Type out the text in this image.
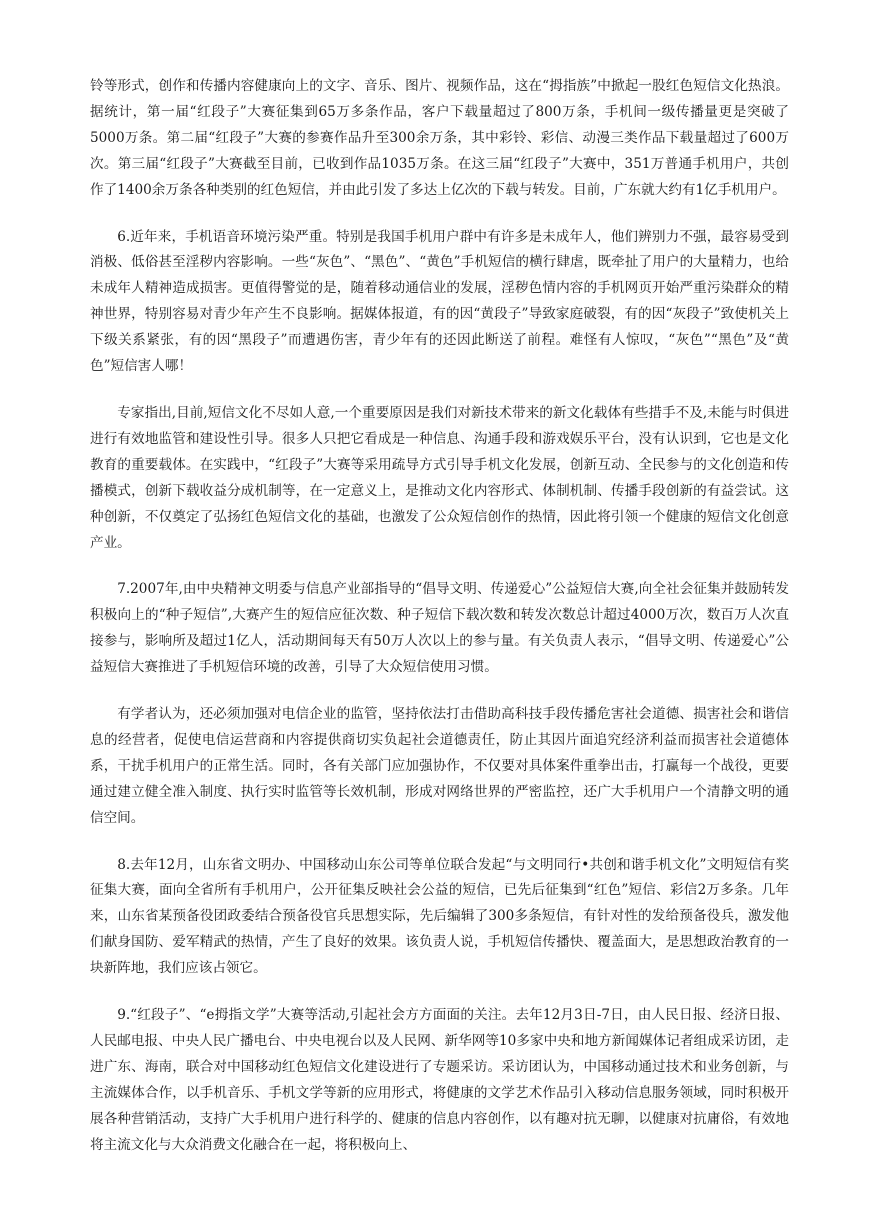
铃等形式，创作和传播内容健康向上的文字、音乐、图片、视频作品，这在“拇指族”中掀起一股红色短信文化热浪。据统计，第一届“红段子”大赛征集到65万多条作品，客户下载量超过了800万条，手机间一级传播量更是突破了5000万条。第二届“红段子”大赛的参赛作品升至300余万条，其中彩铃、彩信、动漫三类作品下载量超过了600万次。第三届“红段子”大赛截至目前，已收到作品1035万条。在这三届“红段子”大赛中，351万普通手机用户，共创作了1400余万条各种类别的红色短信，并由此引发了多达上亿次的下载与转发。目前，广东就大约有1亿手机用户。

6.近年来，手机语音环境污染严重。特别是我国手机用户群中有许多是未成年人，他们辨别力不强，最容易受到消极、低俗甚至淫秽内容影响。一些“灰色”、“黑色”、“黄色”手机短信的横行肆虐，既牵扯了用户的大量精力，也给未成年人精神造成损害。更值得警觉的是，随着移动通信业的发展，淫秽色情内容的手机网页开始严重污染群众的精神世界，特别容易对青少年产生不良影响。据媒体报道，有的因“黄段子”导致家庭破裂，有的因“灰段子”致使机关上下级关系紧张，有的因“黑段子”而遭遇伤害，青少年有的还因此断送了前程。难怪有人惊叹，“灰色”“黑色”及“黄色”短信害人哪！

专家指出,目前,短信文化不尽如人意,一个重要原因是我们对新技术带来的新文化载体有些措手不及,未能与时俱进进行有效地监管和建设性引导。很多人只把它看成是一种信息、沟通手段和游戏娱乐平台，没有认识到，它也是文化教育的重要载体。在实践中，“红段子”大赛等采用疏导方式引导手机文化发展，创新互动、全民参与的文化创造和传播模式，创新下载收益分成机制等，在一定意义上，是推动文化内容形式、体制机制、传播手段创新的有益尝试。这种创新，不仅奠定了弘扬红色短信文化的基础，也激发了公众短信创作的热情，因此将引领一个健康的短信文化创意产业。

7.2007年,由中央精神文明委与信息产业部指导的“倡导文明、传递爱心”公益短信大赛,向全社会征集并鼓励转发积极向上的“种子短信”,大赛产生的短信应征次数、种子短信下载次数和转发次数总计超过4000万次，数百万人次直接参与，影响所及超过1亿人，活动期间每天有50万人次以上的参与量。有关负责人表示，“倡导文明、传递爱心”公益短信大赛推进了手机短信环境的改善，引导了大众短信使用习惯。

有学者认为，还必须加强对电信企业的监管，坚持依法打击借助高科技手段传播危害社会道德、损害社会和谐信息的经营者，促使电信运营商和内容提供商切实负起社会道德责任，防止其因片面追究经济利益而损害社会道德体系，干扰手机用户的正常生活。同时，各有关部门应加强协作，不仅要对具体案件重拳出击，打赢每一个战役，更要通过建立健全准入制度、执行实时监管等长效机制，形成对网络世界的严密监控，还广大手机用户一个清静文明的通信空间。

8.去年12月，山东省文明办、中国移动山东公司等单位联合发起“与文明同行•共创和谐手机文化”文明短信有奖征集大赛，面向全省所有手机用户，公开征集反映社会公益的短信，已先后征集到“红色”短信、彩信2万多条。几年来，山东省某预备役团政委结合预备役官兵思想实际，先后编辑了300多条短信，有针对性的发给预备役兵，激发他们献身国防、爱军精武的热情，产生了良好的效果。该负责人说，手机短信传播快、覆盖面大，是思想政治教育的一块新阵地，我们应该占领它。

9.“红段子”、“e拇指文学”大赛等活动,引起社会方方面面的关注。去年12月3日-7日，由人民日报、经济日报、人民邮电报、中央人民广播电台、中央电视台以及人民网、新华网等10多家中央和地方新闻媒体记者组成采访团，走进广东、海南，联合对中国移动红色短信文化建设进行了专题采访。采访团认为，中国移动通过技术和业务创新，与主流媒体合作，以手机音乐、手机文学等新的应用形式，将健康的文学艺术作品引入移动信息服务领域，同时积极开展各种营销活动，支持广大手机用户进行科学的、健康的信息内容创作，以有趣对抗无聊，以健康对抗庸俗，有效地将主流文化与大众消费文化融合在一起，将积极向上、
